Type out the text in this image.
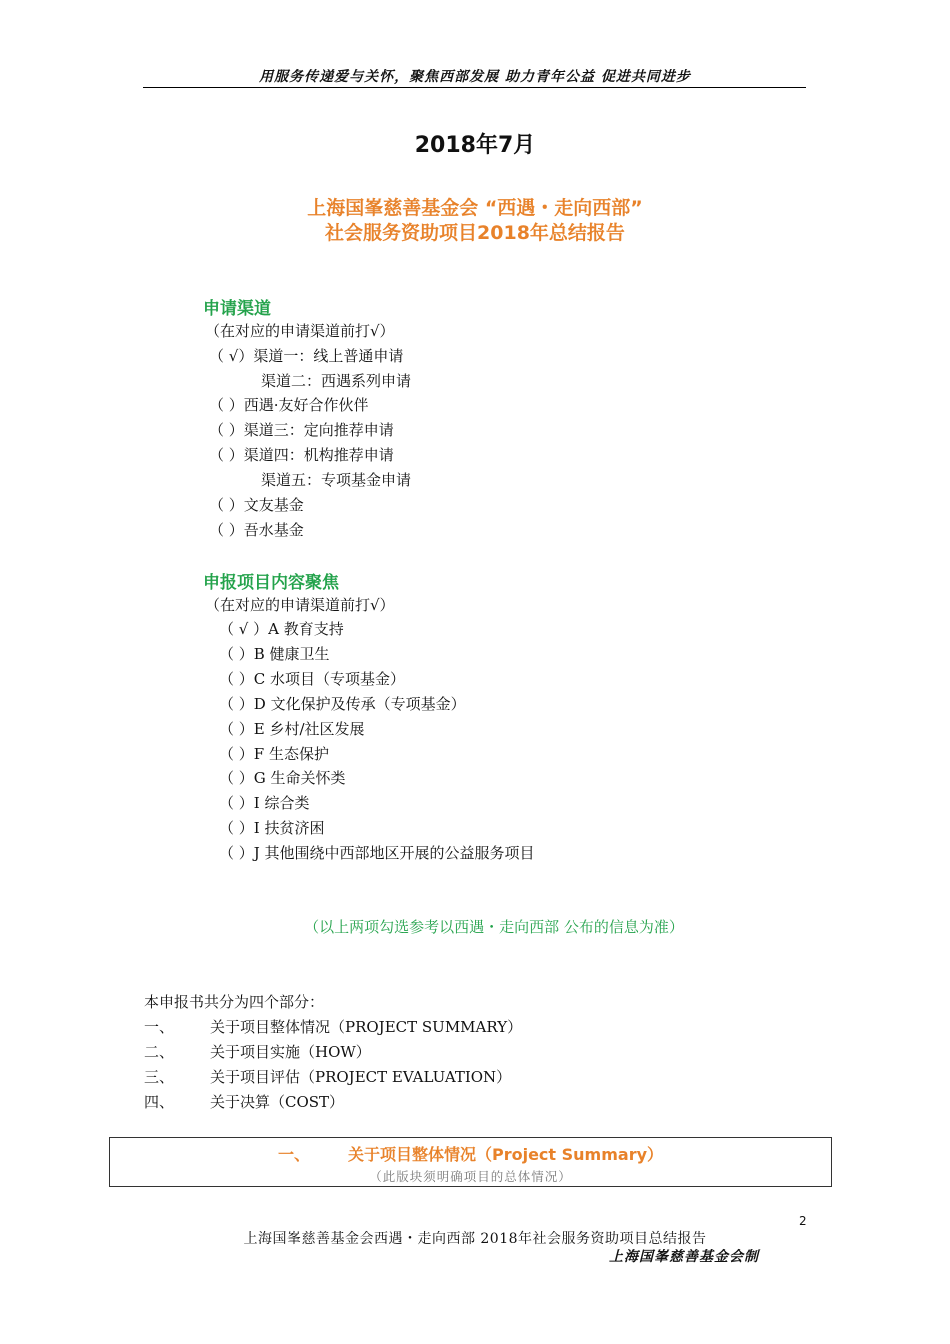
用服务传递爱与关怀，聚焦西部发展 助力青年公益 促进共同进步
2018年7月
上海国峯慈善基金会 “西遇・走向西部”
社会服务资助项目2018年总结报告
申请渠道
（在对应的申请渠道前打√）
（ √）渠道一：线上普通申请
渠道二：西遇系列申请
（ ）西遇·友好合作伙伴
（ ）渠道三：定向推荐申请
（ ）渠道四：机构推荐申请
渠道五：专项基金申请
（ ）文友基金
（ ）吾水基金
申报项目内容聚焦
（在对应的申请渠道前打√）
（ √ ）A 教育支持
（ ）B 健康卫生
（ ）C 水项目（专项基金）
（ ）D 文化保护及传承（专项基金）
（ ）E 乡村/社区发展
（ ）F 生态保护
（ ）G 生命关怀类
（ ）I 综合类
（ ）I 扶贫济困
（ ）J 其他围绕中西部地区开展的公益服务项目
（以上两项勾选参考以西遇・走向西部 公布的信息为准）
本申报书共分为四个部分：
一、 关于项目整体情况（PROJECT SUMMARY）
二、 关于项目实施（HOW）
三、 关于项目评估（PROJECT EVALUATION）
四、 关于决算（COST）
一、 关于项目整体情况（Project Summary）
（此版块须明确项目的总体情况）
2
上海国峯慈善基金会西遇・走向西部 2018年社会服务资助项目总结报告
上海国峯慈善基金会制
